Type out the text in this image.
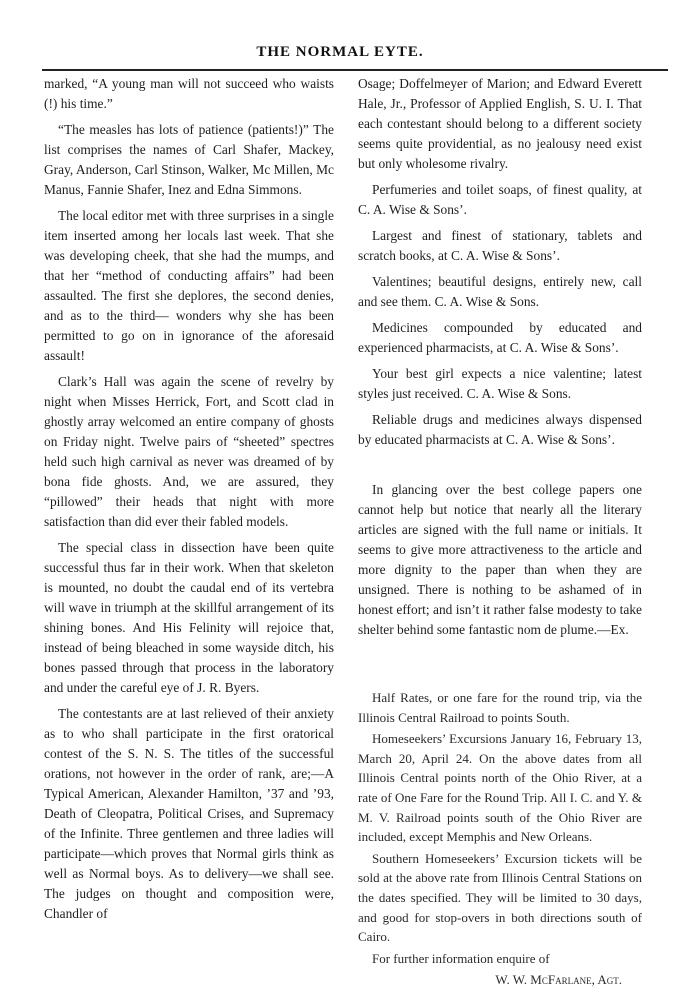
THE NORMAL EYTE.

marked, “A young man will not succeed who waists (!) his time.”

“The measles has lots of patience (patients!)” The list comprises the names of Carl Shafer, Mackey, Gray, Anderson, Carl Stinson, Walker, Mc Millen, Mc Manus, Fannie Shafer, Inez and Edna Simmons.

The local editor met with three surprises in a single item inserted among her locals last week. That she was developing cheek, that she had the mumps, and that her “method of conducting affairs” had been assaulted. The first she deplores, the second denies, and as to the third— wonders why she has been permitted to go on in ignorance of the aforesaid assault!

Clark’s Hall was again the scene of revelry by night when Misses Herrick, Fort, and Scott clad in ghostly array welcomed an entire company of ghosts on Friday night. Twelve pairs of “sheeted” spectres held such high carnival as never was dreamed of by bona fide ghosts. And, we are assured, they “pillowed” their heads that night with more satisfaction than did ever their fabled models.

The special class in dissection have been quite successful thus far in their work. When that skeleton is mounted, no doubt the caudal end of its vertebra will wave in triumph at the skillful arrangement of its shining bones. And His Felinity will rejoice that, instead of being bleached in some wayside ditch, his bones passed through that process in the laboratory and under the careful eye of J. R. Byers.

The contestants are at last relieved of their anxiety as to who shall participate in the first oratorical contest of the S. N. S. The titles of the successful orations, not however in the order of rank, are;—A Typical American, Alexander Hamilton, ’37 and ’93, Death of Cleopatra, Political Crises, and Supremacy of the Infinite. Three gentlemen and three ladies will participate—which proves that Normal girls think as well as Normal boys. As to delivery—we shall see. The judges on thought and composition were, Chandler of

Osage; Doffelmeyer of Marion; and Edward Everett Hale, Jr., Professor of Applied English, S. U. I. That each contestant should belong to a different society seems quite providential, as no jealousy need exist but only wholesome rivalry.

Perfumeries and toilet soaps, of finest quality, at C. A. Wise & Sons’.

Largest and finest of stationary, tablets and scratch books, at C. A. Wise & Sons’.

Valentines; beautiful designs, entirely new, call and see them. C. A. Wise & Sons.

Medicines compounded by educated and experienced pharmacists, at C. A. Wise & Sons’.

Your best girl expects a nice valentine; latest styles just received. C. A. Wise & Sons.

Reliable drugs and medicines always dispensed by educated pharmacists at C. A. Wise & Sons’.

In glancing over the best college papers one cannot help but notice that nearly all the literary articles are signed with the full name or initials. It seems to give more attractiveness to the article and more dignity to the paper than when they are unsigned. There is nothing to be ashamed of in honest effort; and isn’t it rather false modesty to take shelter behind some fantastic nom de plume.—Ex.

Half Rates, or one fare for the round trip, via the Illinois Central Railroad to points South.

Homeseekers’ Excursions January 16, February 13, March 20, April 24. On the above dates from all Illinois Central points north of the Ohio River, at a rate of One Fare for the Round Trip. All I. C. and Y. & M. V. Railroad points south of the Ohio River are included, except Memphis and New Orleans.

Southern Homeseekers’ Excursion tickets will be sold at the above rate from Illinois Central Stations on the dates specified. They will be limited to 30 days, and good for stop-overs in both directions south of Cairo.

For further information enquire of

W. W. McFarlane, Agt.
